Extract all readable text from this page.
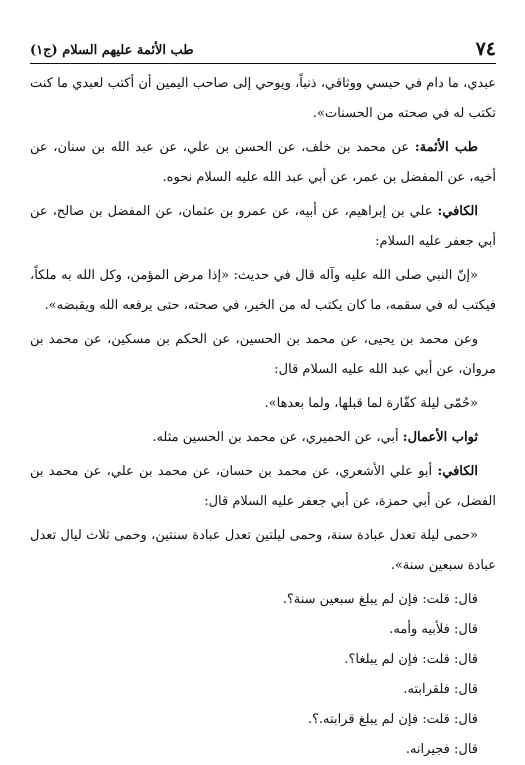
٧٤
طب الأئمة عليهم السلام (ج١)

عبدي، ما دام في حبسي ووثاقي، ذنباً، ويوحي إلى صاحب اليمين أن أكتب لعبدي ما كنت تكتب له في صحته من الحسنات».

طب الأئمة: عن محمد بن خلف، عن الحسن بن علي، عن عبد الله بن سنان، عن أخيه، عن المفضل بن عمر، عن أبي عبد الله عليه السلام نحوه.

الكافي: علي بن إبراهيم، عن أبيه، عن عمرو بن عثمان، عن المفضل بن صالح، عن أبي جعفر عليه السلام:

«إنّ النبي صلى الله عليه وآله قال في حديث: «إذا مرض المؤمن، وكل الله به ملكاً، فيكتب له في سقمه، ما كان يكتب له من الخير، في صحته، حتى يرفعه الله ويقبضه».

وعن محمد بن يحيى، عن محمد بن الحسين، عن الحكم بن مسكين، عن محمد بن مروان، عن أبي عبد الله عليه السلام قال:

«حُمّى ليلة كفّارة لما قبلها، ولما بعدها».

ثواب الأعمال: أبي، عن الحميري، عن محمد بن الحسين مثله.

الكافي: أبو علي الأشعري، عن محمد بن حسان، عن محمد بن علي، عن محمد بن الفضل، عن أبي حمزة، عن أبي جعفر عليه السلام قال:

«حمى ليلة تعدل عبادة سنة، وحمى ليلتين تعدل عبادة سنتين، وحمى ثلاث ليال تعدل عبادة سبعين سنة».

قال: قلت: فإن لم يبلغ سبعين سنة؟.

قال: فلأبيه وأمه.

قال: قلت: فإن لم يبلغا؟.

قال: فلقرابته.

قال: قلت: فإن لم يبلغ قرابته.؟.

قال: فجيرانه.
